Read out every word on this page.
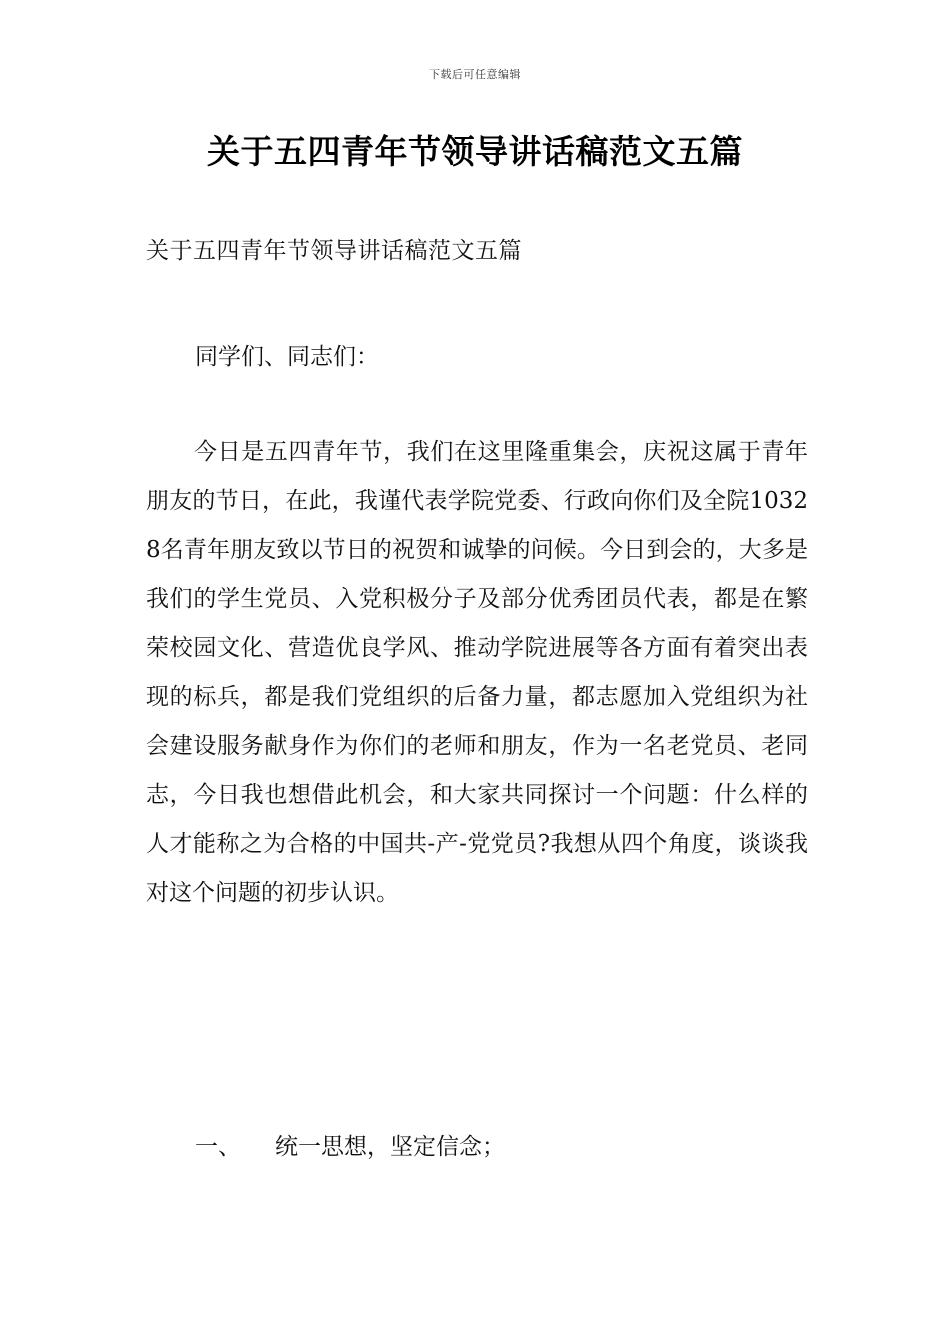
下载后可任意编辑
关于五四青年节领导讲话稿范文五篇

关于五四青年节领导讲话稿范文五篇

同学们、同志们：

今日是五四青年节，我们在这里隆重集会，庆祝这属于青年朋友的节日，在此，我谨代表学院党委、行政向你们及全院10328名青年朋友致以节日的祝贺和诚挚的问候。今日到会的，大多是我们的学生党员、入党积极分子及部分优秀团员代表，都是在繁荣校园文化、营造优良学风、推动学院进展等各方面有着突出表现的标兵，都是我们党组织的后备力量，都志愿加入党组织为社会建设服务献身作为你们的老师和朋友，作为一名老党员、老同志，今日我也想借此机会，和大家共同探讨一个问题：什么样的人才能称之为合格的中国共-产-党党员?我想从四个角度，谈谈我对这个问题的初步认识。

一、 统一思想，坚定信念；
